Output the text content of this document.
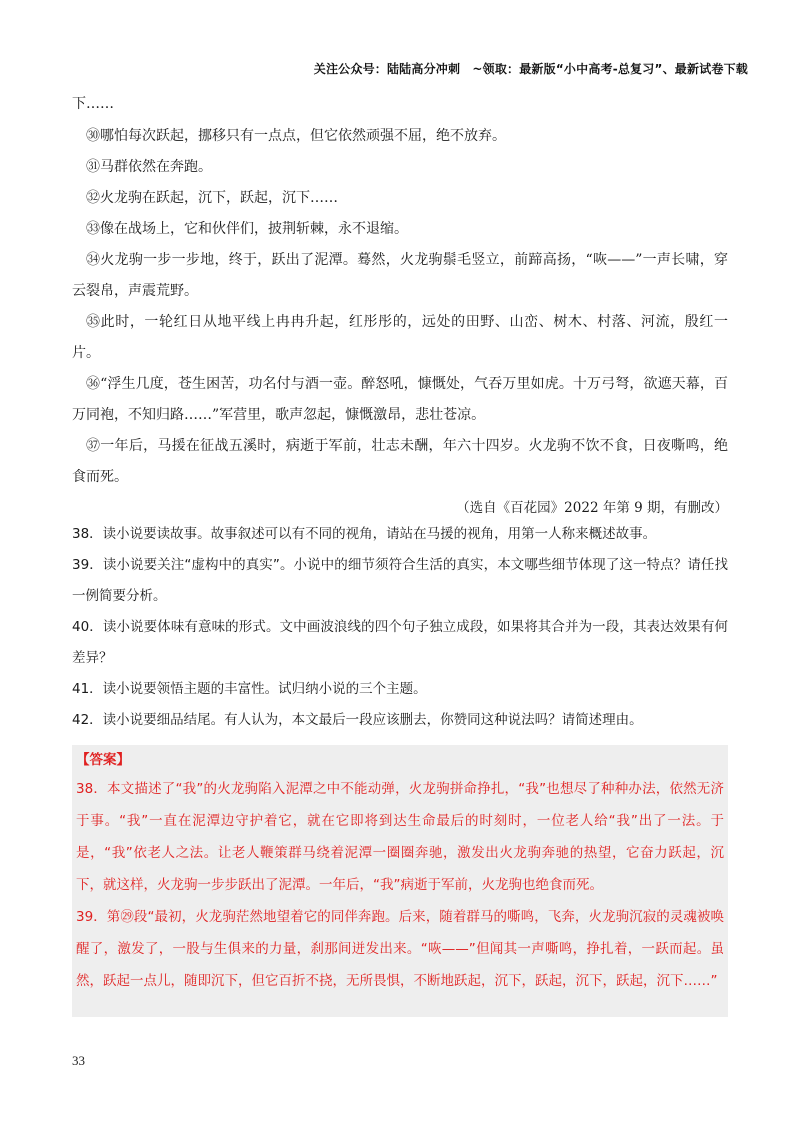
关注公众号：陆陆高分冲刺　~领取：最新版“小中高考-总复习”、最新试卷下载

下……

㉚哪怕每次跃起，挪移只有一点点，但它依然顽强不屈，绝不放弃。

㉛马群依然在奔跑。

㉜火龙驹在跃起，沉下，跃起，沉下……

㉝像在战场上，它和伙伴们，披荆斩棘，永不退缩。

㉞火龙驹一步一步地，终于，跃出了泥潭。蓦然，火龙驹鬃毛竖立，前蹄高扬，“咴——”一声长啸，穿云裂帛，声震荒野。

㉟此时，一轮红日从地平线上冉冉升起，红彤彤的，远处的田野、山峦、树木、村落、河流，殷红一片。

㊱“浮生几度，苍生困苦，功名付与酒一壶。醉怒吼，慷慨处，气吞万里如虎。十万弓弩，欲遮天幕，百万同袍，不知归路……”军营里，歌声忽起，慷慨激昂，悲壮苍凉。

㊲一年后，马援在征战五溪时，病逝于军前，壮志未酬，年六十四岁。火龙驹不饮不食，日夜嘶鸣，绝食而死。

（选自《百花园》2022 年第 9 期，有删改）

38．读小说要读故事。故事叙述可以有不同的视角，请站在马援的视角，用第一人称来概述故事。

39．读小说要关注“虚构中的真实”。小说中的细节须符合生活的真实，本文哪些细节体现了这一特点？请任找一例简要分析。

40．读小说要体味有意味的形式。文中画波浪线的四个句子独立成段，如果将其合并为一段，其表达效果有何差异？

41．读小说要领悟主题的丰富性。试归纳小说的三个主题。

42．读小说要细品结尾。有人认为，本文最后一段应该删去，你赞同这种说法吗？请简述理由。

【答案】

38．本文描述了“我”的火龙驹陷入泥潭之中不能动弹，火龙驹拼命挣扎，“我”也想尽了种种办法，依然无济于事。“我”一直在泥潭边守护着它，就在它即将到达生命最后的时刻时，一位老人给“我”出了一法。于是，“我”依老人之法。让老人鞭策群马绕着泥潭一圈圈奔驰，激发出火龙驹奔驰的热望，它奋力跃起，沉下，就这样，火龙驹一步步跃出了泥潭。一年后，“我”病逝于军前，火龙驹也绝食而死。

39．第㉙段“最初，火龙驹茫然地望着它的同伴奔跑。后来，随着群马的嘶鸣，飞奔，火龙驹沉寂的灵魂被唤醒了，激发了，一股与生俱来的力量，刹那间迸发出来。“咴——”但闻其一声嘶鸣，挣扎着，一跃而起。虽然，跃起一点儿，随即沉下，但它百折不挠，无所畏惧，不断地跃起，沉下，跃起，沉下，跃起，沉下……”

33
